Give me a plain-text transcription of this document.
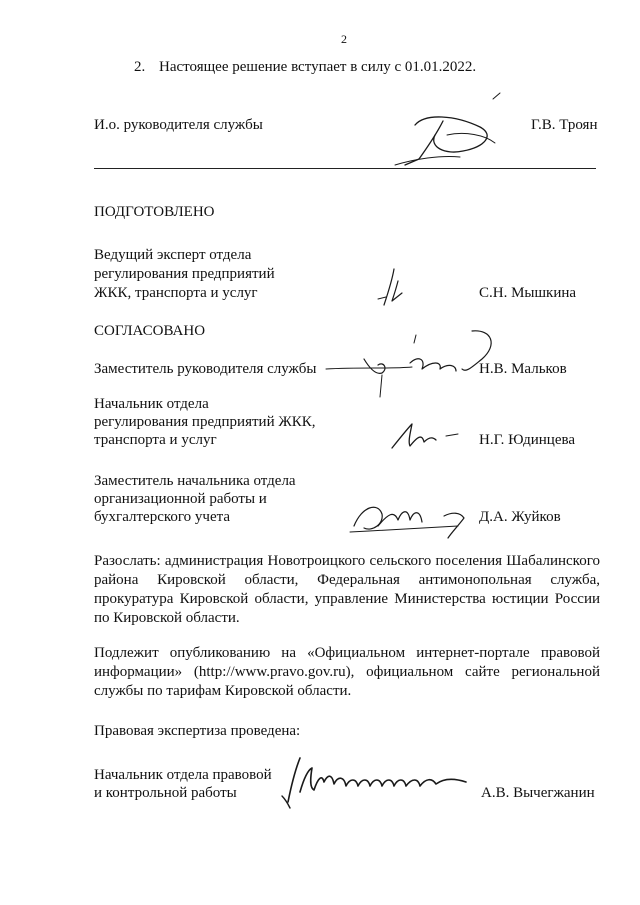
2
2. Настоящее решение вступает в силу с 01.01.2022.
И.о. руководителя службы	Г.В. Троян
ПОДГОТОВЛЕНО
Ведущий эксперт отдела
регулирования предприятий
ЖКК, транспорта и услуг	С.Н. Мышкина
СОГЛАСОВАНО
Заместитель руководителя службы	Н.В. Мальков
Начальник отдела
регулирования предприятий ЖКК,
транспорта и услуг	Н.Г. Юдинцева
Заместитель начальника отдела
организационной работы и
бухгалтерского учета	Д.А. Жуйков
Разослать: администрация Новотроицкого сельского поселения Шабалинского района Кировской области, Федеральная антимонопольная служба, прокуратура Кировской области, управление Министерства юстиции России по Кировской области.
Подлежит опубликованию на «Официальном интернет-портале правовой информации» (http://www.pravo.gov.ru), официальном сайте региональной службы по тарифам Кировской области.
Правовая экспертиза проведена:
Начальник отдела правовой
и контрольной работы	А.В. Вычегжанин
